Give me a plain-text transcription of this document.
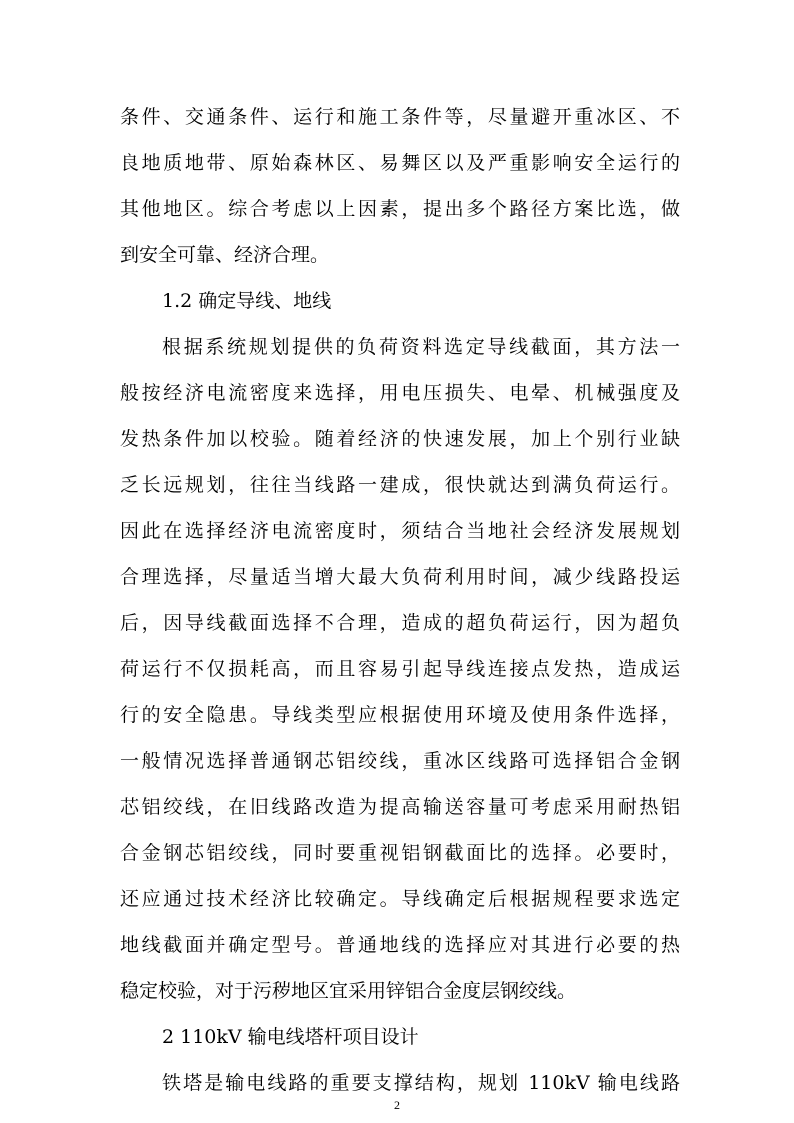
条件、交通条件、运行和施工条件等，尽量避开重冰区、不
良地质地带、原始森林区、易舞区以及严重影响安全运行的
其他地区。综合考虑以上因素，提出多个路径方案比选，做
到安全可靠、经济合理。
1.2 确定导线、地线
根据系统规划提供的负荷资料选定导线截面，其方法一
般按经济电流密度来选择，用电压损失、电晕、机械强度及
发热条件加以校验。随着经济的快速发展，加上个别行业缺
乏长远规划，往往当线路一建成，很快就达到满负荷运行。
因此在选择经济电流密度时，须结合当地社会经济发展规划
合理选择，尽量适当增大最大负荷利用时间，减少线路投运
后，因导线截面选择不合理，造成的超负荷运行，因为超负
荷运行不仅损耗高，而且容易引起导线连接点发热，造成运
行的安全隐患。导线类型应根据使用环境及使用条件选择，
一般情况选择普通钢芯铝绞线，重冰区线路可选择铝合金钢
芯铝绞线，在旧线路改造为提高输送容量可考虑采用耐热铝
合金钢芯铝绞线，同时要重视铝钢截面比的选择。必要时，
还应通过技术经济比较确定。导线确定后根据规程要求选定
地线截面并确定型号。普通地线的选择应对其进行必要的热
稳定校验，对于污秽地区宜采用锌铝合金度层钢绞线。
2 110kV 输电线塔杆项目设计
铁塔是输电线路的重要支撑结构，规划 110kV 输电线路
2
